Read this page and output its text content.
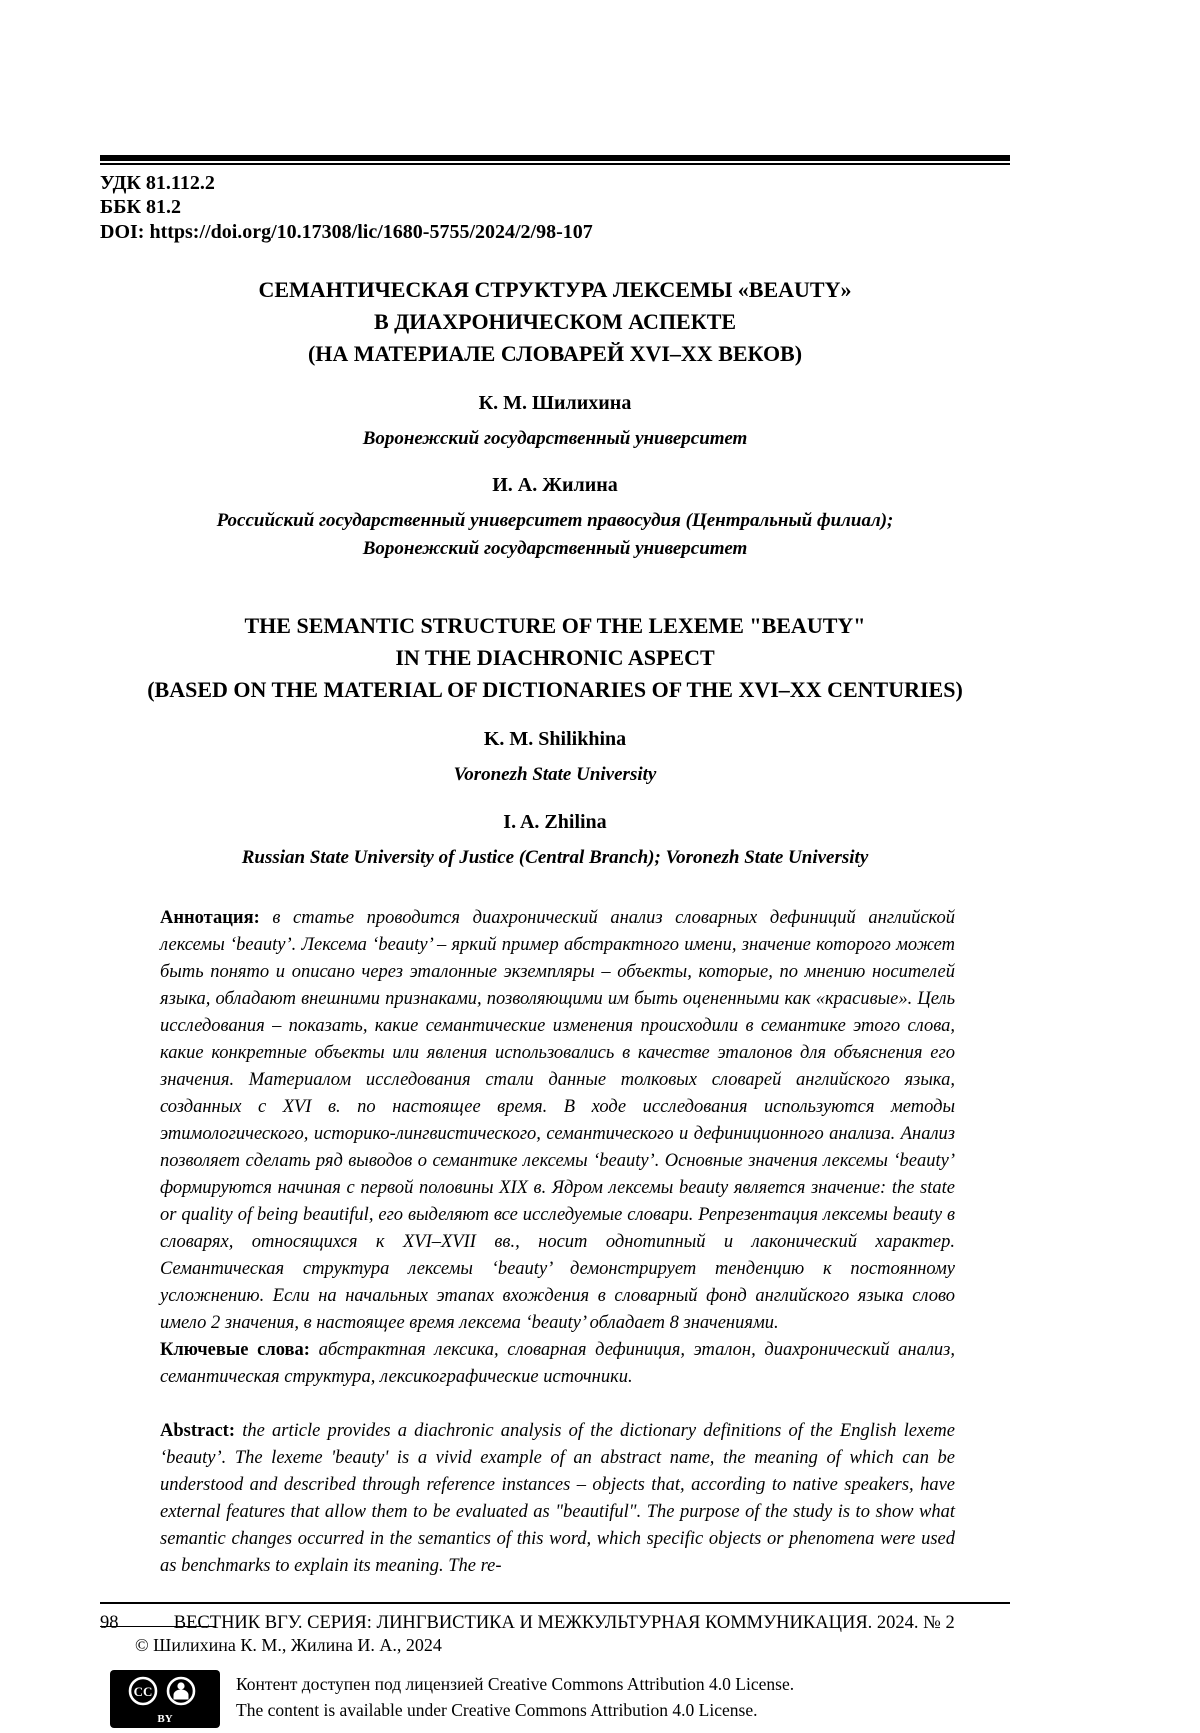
УДК 81.112.2
ББК 81.2
DOI: https://doi.org/10.17308/lic/1680-5755/2024/2/98-107
СЕМАНТИЧЕСКАЯ СТРУКТУРА ЛЕКСЕМЫ «BEAUTY»
В ДИАХРОНИЧЕСКОМ АСПЕКТЕ
(НА МАТЕРИАЛЕ СЛОВАРЕЙ XVI–XX ВЕКОВ)
К. М. Шилихина
Воронежский государственный университет
И. А. Жилина
Российский государственный университет правосудия (Центральный филиал);
Воронежский государственный университет
THE SEMANTIC STRUCTURE OF THE LEXEME "BEAUTY"
IN THE DIACHRONIC ASPECT
(BASED ON THE MATERIAL OF DICTIONARIES OF THE XVI–XX CENTURIES)
K. M. Shilikhina
Voronezh State University
I. A. Zhilina
Russian State University of Justice (Central Branch); Voronezh State University

Аннотация: в статье проводится диахронический анализ словарных дефиниций английской лексемы ‘beauty’. Лексема ‘beauty’ – яркий пример абстрактного имени, значение которого может быть понято и описано через эталонные экземпляры – объекты, которые, по мнению носителей языка, обладают внешними признаками, позволяющими им быть оцененными как «красивые». Цель исследования – показать, какие семантические изменения происходили в семантике этого слова, какие конкретные объекты или явления использовались в качестве эталонов для объяснения его значения. Материалом исследования стали данные толковых словарей английского языка, созданных с XVI в. по настоящее время. В ходе исследования используются методы этимологического, историко-лингвистического, семантического и дефиниционного анализа. Анализ позволяет сделать ряд выводов о семантике лексемы ‘beauty’. Основные значения лексемы ‘beauty’ формируются начиная с первой половины XIX в. Ядром лексемы beauty является значение: the state or quality of being beautiful, его выделяют все исследуемые словари. Репрезентация лексемы beauty в словарях, относящихся к XVI–XVII вв., носит однотипный и лаконический характер. Семантическая структура лексемы ‘beauty’ демонстрирует тенденцию к постоянному усложнению. Если на начальных этапах вхождения в словарный фонд английского языка слово имело 2 значения, в настоящее время лексема ‘beauty’ обладает 8 значениями.

Ключевые слова: абстрактная лексика, словарная дефиниция, эталон, диахронический анализ, семантическая структура, лексикографические источники.

Abstract: the article provides a diachronic analysis of the dictionary definitions of the English lexeme ‘beauty’. The lexeme 'beauty' is a vivid example of an abstract name, the meaning of which can be understood and described through reference instances – objects that, according to native speakers, have external features that allow them to be evaluated as "beautiful". The purpose of the study is to show what semantic changes occurred in the semantics of this word, which specific objects or phenomena were used as benchmarks to explain its meaning. The re-

© Шилихина К. М., Жилина И. А., 2024
CC
BY
Контент доступен под лицензией Creative Commons Attribution 4.0 License.
The content is available under Creative Commons Attribution 4.0 License.
98	ВЕСТНИК ВГУ. СЕРИЯ: ЛИНГВИСТИКА И МЕЖКУЛЬТУРНАЯ КОММУНИКАЦИЯ. 2024. № 2
